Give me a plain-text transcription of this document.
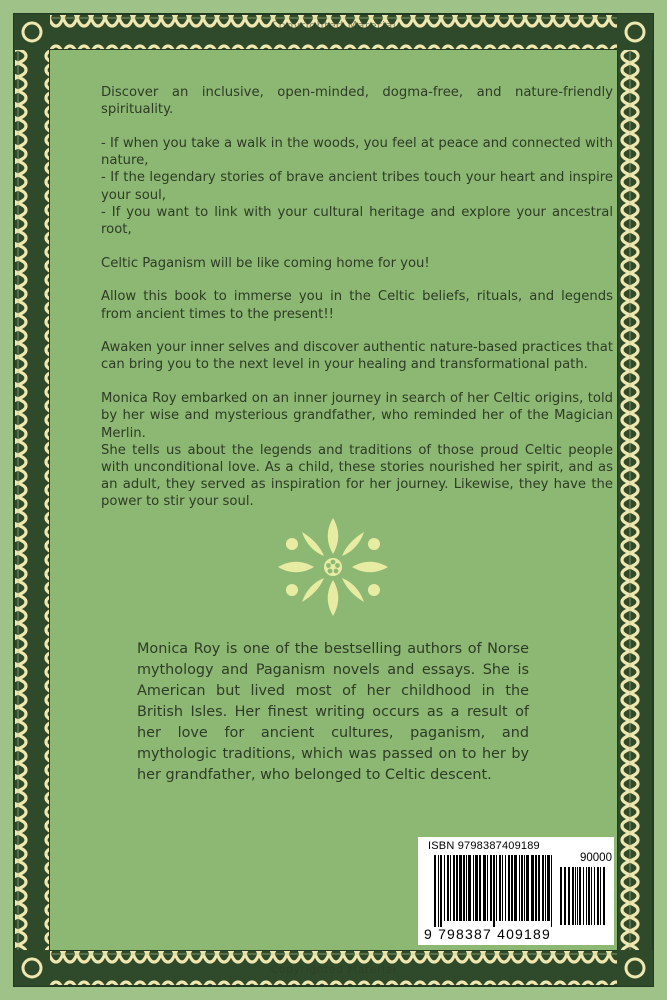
Copyrighted Material
Copyrighted Material

Discover an inclusive, open-minded, dogma-free, and nature-friendly spirituality.

- If when you take a walk in the woods, you feel at peace and connected with nature,

- If the legendary stories of brave ancient tribes touch your heart and inspire your soul,

- If you want to link with your cultural heritage and explore your ancestral root,

Celtic Paganism will be like coming home for you!

Allow this book to immerse you in the Celtic beliefs, rituals, and legends from ancient times to the present!!

Awaken your inner selves and discover authentic nature-based practices that can bring you to the next level in your healing and transformational path.

Monica Roy embarked on an inner journey in search of her Celtic origins, told by her wise and mysterious grandfather, who reminded her of the Magician Merlin.

She tells us about the legends and traditions of those proud Celtic people with unconditional love. As a child, these stories nourished her spirit, and as an adult, they served as inspiration for her journey. Likewise, they have the power to stir your soul.

Monica Roy is one of the bestselling authors of Norse mythology and Paganism novels and essays. She is American but lived most of her childhood in the British Isles. Her finest writing occurs as a result of her love for ancient cultures, paganism, and mythologic traditions, which was passed on to her by her grandfather, who belonged to Celtic descent.
ISBN 9798387409189
90000
9 798387 409189
